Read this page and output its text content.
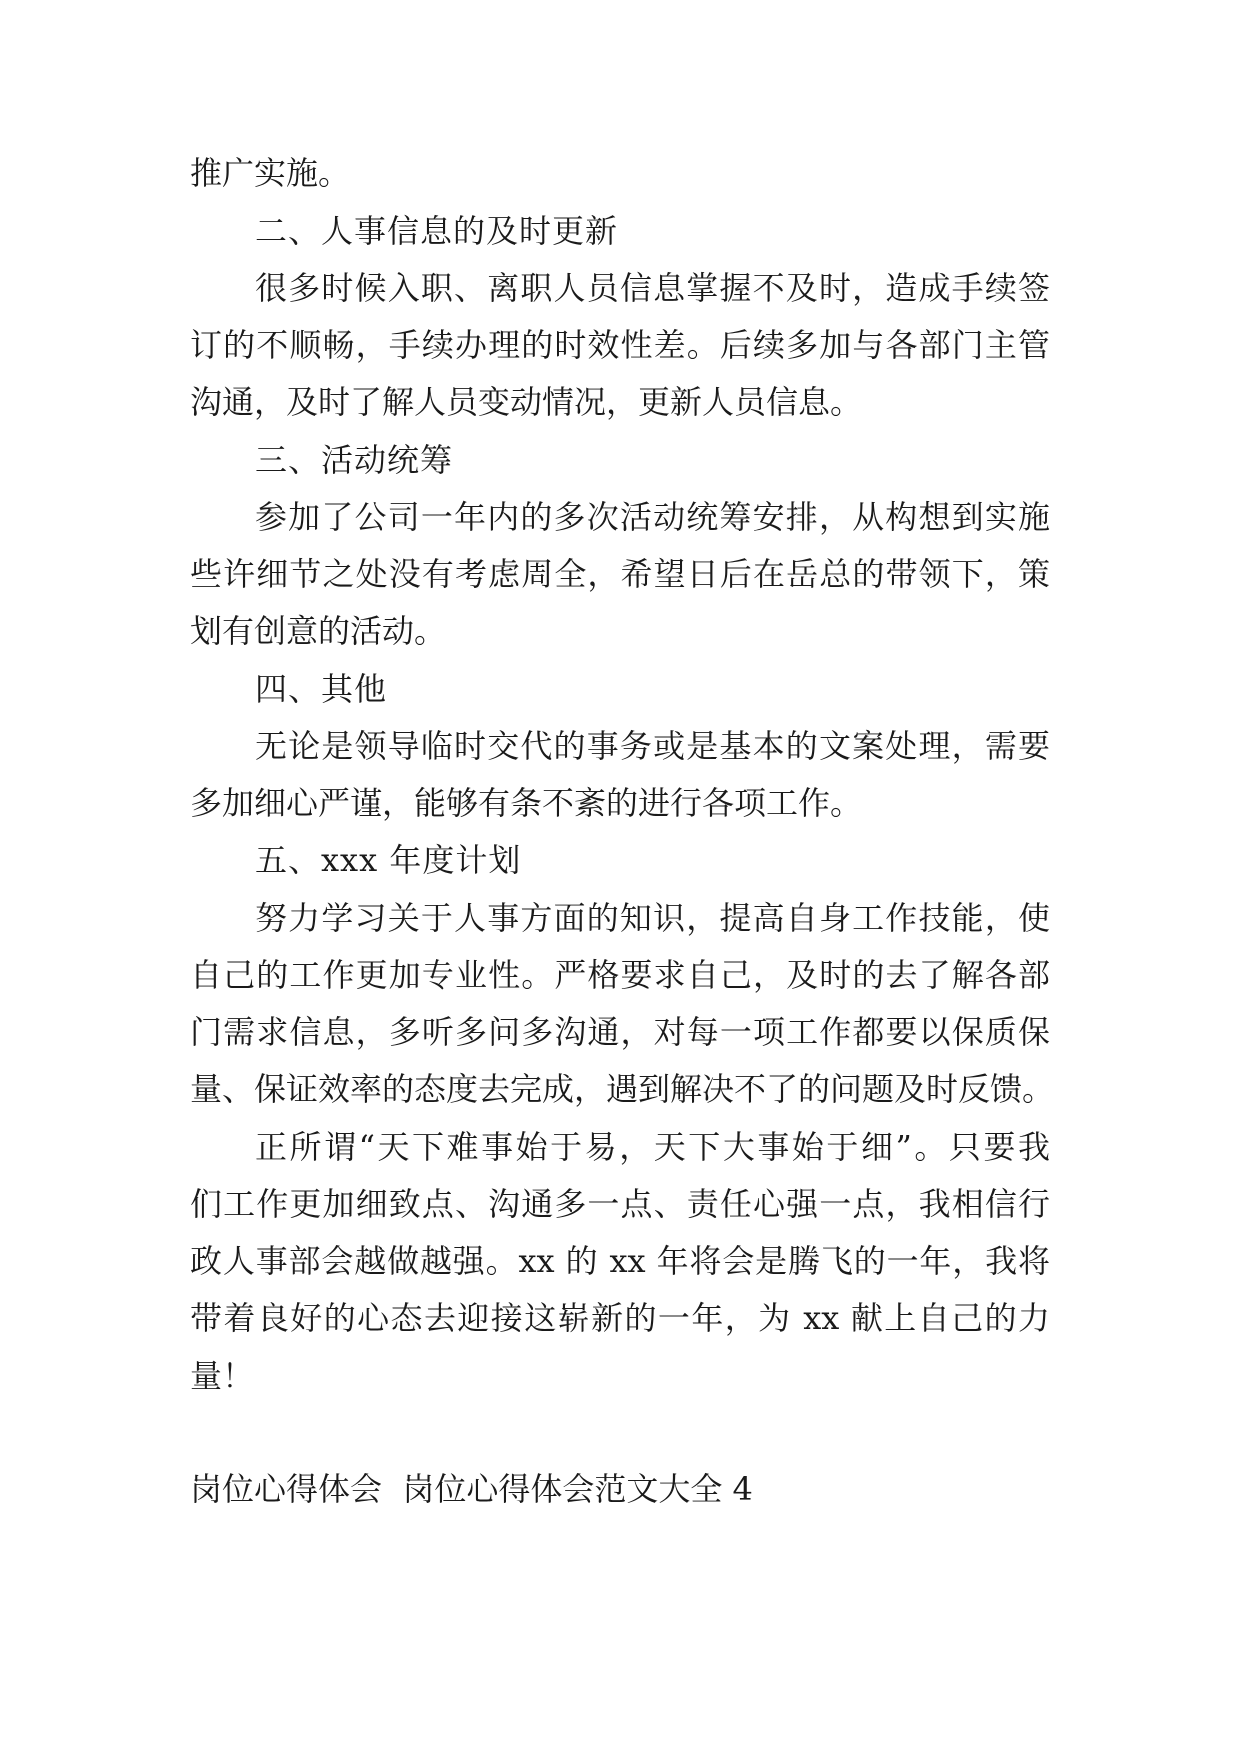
推广实施。
二、人事信息的及时更新
很多时候入职、离职人员信息掌握不及时，造成手续签
订的不顺畅，手续办理的时效性差。后续多加与各部门主管
沟通，及时了解人员变动情况，更新人员信息。
三、活动统筹
参加了公司一年内的多次活动统筹安排，从构想到实施
些许细节之处没有考虑周全，希望日后在岳总的带领下，策
划有创意的活动。
四、其他
无论是领导临时交代的事务或是基本的文案处理，需要
多加细心严谨，能够有条不紊的进行各项工作。
五、xxx 年度计划
努力学习关于人事方面的知识，提高自身工作技能，使
自己的工作更加专业性。严格要求自己，及时的去了解各部
门需求信息，多听多问多沟通，对每一项工作都要以保质保
量、保证效率的态度去完成，遇到解决不了的问题及时反馈。
正所谓“天下难事始于易，天下大事始于细”。只要我
们工作更加细致点、沟通多一点、责任心强一点，我相信行
政人事部会越做越强。xx 的 xx 年将会是腾飞的一年，我将
带着良好的心态去迎接这崭新的一年，为 xx 献上自己的力
量！
岗位心得体会  岗位心得体会范文大全 4
